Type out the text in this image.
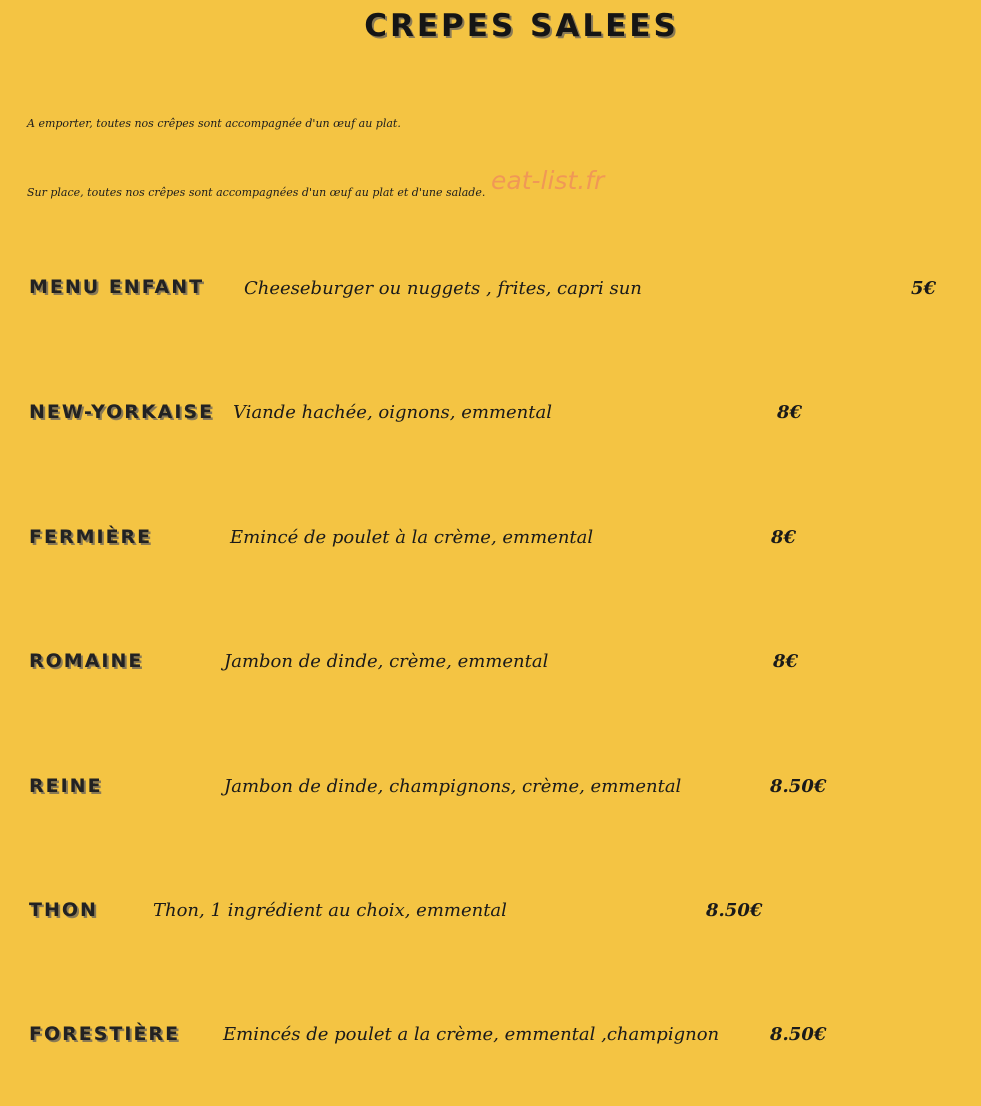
CREPES SALEES
A emporter, toutes nos crêpes sont accompagnée d'un œuf au plat.
Sur place, toutes nos crêpes sont accompagnées d'un œuf au plat et d'une salade. eat-list.fr
MENU ENFANT Cheeseburger ou nuggets , frites, capri sun	5€
NEW-YORKAISE Viande hachée, oignons, emmental	8€
FERMIÈRE	Emincé de poulet à la crème, emmental	8€
ROMAINE	Jambon de dinde, crème, emmental	8€
REINE	Jambon de dinde, champignons, crème, emmental	8.50€
THON	Thon, 1 ingrédient au choix, emmental	8.50€
FORESTIÈRE Emincés de poulet a la crème, emmental ,champignon	8.50€
